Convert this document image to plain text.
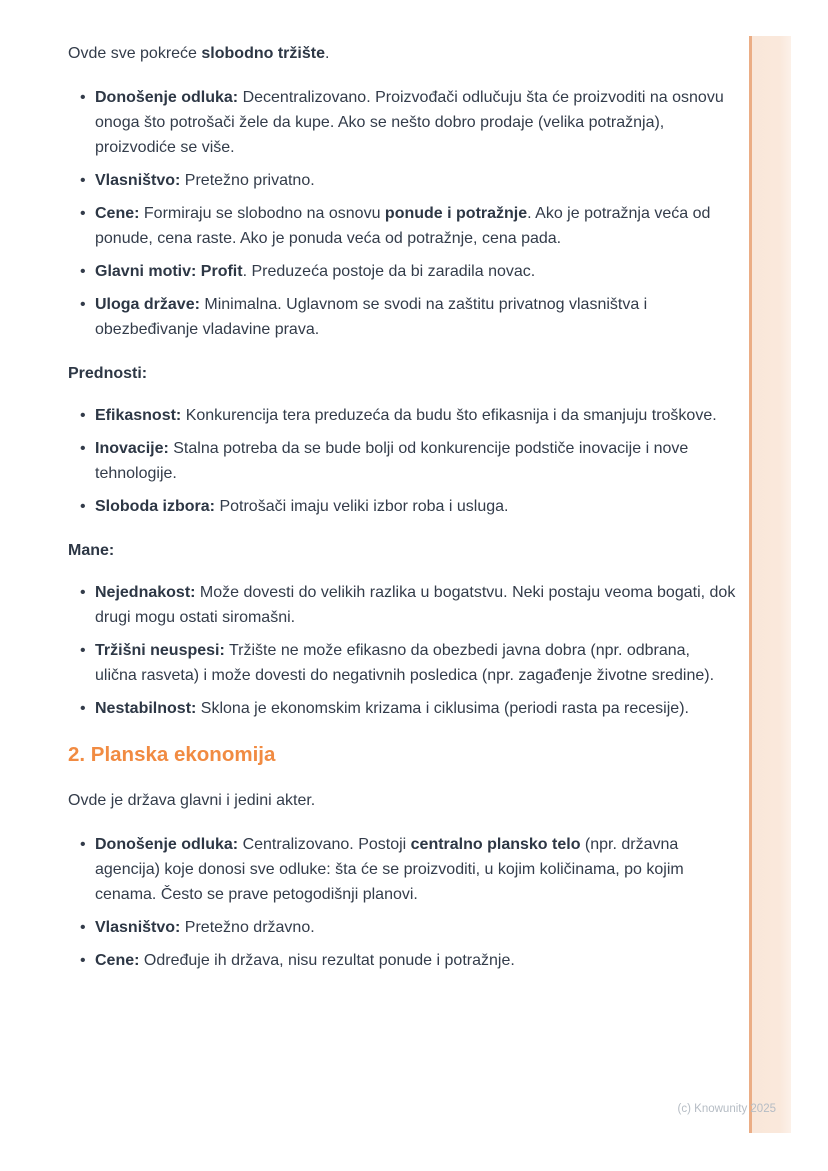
Ovde sve pokreće slobodno tržište.

• Donošenje odluka: Decentralizovano. Proizvođači odlučuju šta će proizvoditi na osnovu onoga što potrošači žele da kupe. Ako se nešto dobro prodaje (velika potražnja), proizvodiće se više.
• Vlasništvo: Pretežno privatno.
• Cene: Formiraju se slobodno na osnovu ponude i potražnje. Ako je potražnja veća od ponude, cena raste. Ako je ponuda veća od potražnje, cena pada.
• Glavni motiv: Profit. Preduzeća postoje da bi zaradila novac.
• Uloga države: Minimalna. Uglavnom se svodi na zaštitu privatnog vlasništva i obezbeđivanje vladavine prava.
Prednosti:
• Efikasnost: Konkurencija tera preduzeća da budu što efikasnija i da smanjuju troškove.
• Inovacije: Stalna potreba da se bude bolji od konkurencije podstiče inovacije i nove tehnologije.
• Sloboda izbora: Potrošači imaju veliki izbor roba i usluga.
Mane:
• Nejednakost: Može dovesti do velikih razlika u bogatstvu. Neki postaju veoma bogati, dok drugi mogu ostati siromašni.
• Tržišni neuspesi: Tržište ne može efikasno da obezbedi javna dobra (npr. odbrana, ulična rasveta) i može dovesti do negativnih posledica (npr. zagađenje životne sredine).
• Nestabilnost: Sklona je ekonomskim krizama i ciklusima (periodi rasta pa recesije).
2. Planska ekonomija

Ovde je država glavni i jedini akter.

• Donošenje odluka: Centralizovano. Postoji centralno plansko telo (npr. državna agencija) koje donosi sve odluke: šta će se proizvoditi, u kojim količinama, po kojim cenama. Često se prave petogodišnji planovi.
• Vlasništvo: Pretežno državno.
• Cene: Određuje ih država, nisu rezultat ponude i potražnje.
(c) Knowunity 2025
